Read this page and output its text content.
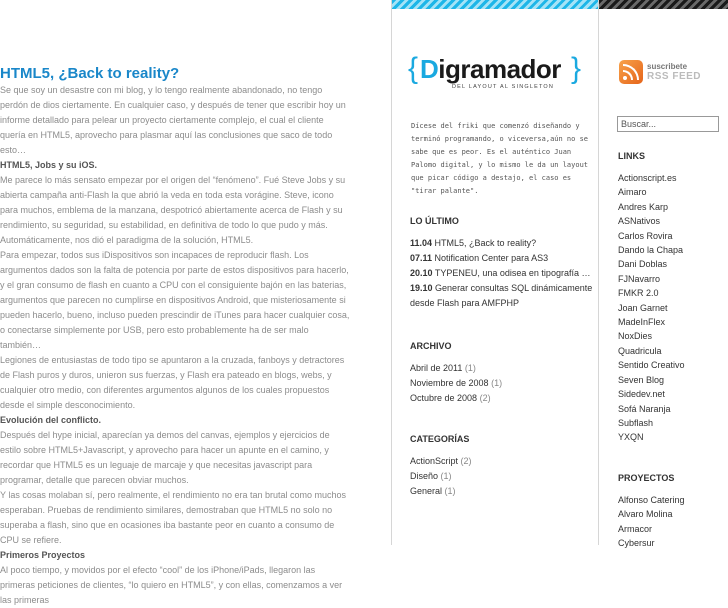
HTML5, ¿Back to reality?

Se que soy un desastre con mi blog, y lo tengo realmente abandonado, no tengo perdón de dios ciertamente. En cualquier caso, y después de tener que escribir hoy un informe detallado para pelear un proyecto ciertamente complejo, el cual el cliente quería en HTML5, aprovecho para plasmar aquí las conclusiones que saco de todo esto…

HTML5, Jobs y su iOS.

Me parece lo más sensato empezar por el origen del “fenómeno”. Fué Steve Jobs y su abierta campaña anti-Flash la que abrió la veda en toda esta vorágine. Steve, icono para muchos, emblema de la manzana, despotricó abiertamente acerca de Flash y su rendimiento, su seguridad, su estabilidad, en definitiva de todo lo que pudo y más. Automáticamente, nos dió el paradigma de la solución, HTML5.

Para empezar, todos sus iDispositivos son incapaces de reproducir flash. Los argumentos dados son la falta de potencia por parte de estos dispositivos para hacerlo, y el gran consumo de flash en cuanto a CPU con el consiguiente bajón en las baterias, argumentos que parecen no cumplirse en dispositivos Android, que misteriosamente si pueden hacerlo, bueno, incluso pueden prescindir de iTunes para hacer cualquier cosa, o conectarse simplemente por USB, pero esto probablemente ha de ser malo también…

Legiones de entusiastas de todo tipo se apuntaron a la cruzada, fanboys y detractores de Flash puros y duros, unieron sus fuerzas, y Flash era pateado en blogs, webs, y cualquier otro medio, con diferentes argumentos algunos de los cuales propuestos desde el simple desconocimiento.

Evolución del conflicto.

Después del hype inicial, aparecían ya demos del canvas, ejemplos y ejercicios de estilo sobre HTML5+Javascript, y aprovecho para hacer un apunte en el camino, y recordar que HTML5 es un leguaje de marcaje y que necesitas javascript para programar, detalle que parecen obviar muchos.

Y las cosas molaban sí, pero realmente, el rendimiento no era tan brutal como muchos esperaban. Pruebas de rendimiento similares, demostraban que HTML5 no solo no superaba a flash, sino que en ocasiones iba bastante peor en cuanto a consumo de CPU se refiere.

Primeros Proyectos

Al poco tiempo, y movidos por el efecto “cool” de los iPhone/iPads, llegaron las primeras peticiones de clientes, “lo quiero en HTML5”, y con ellas, comenzamos a ver las primeras

{ Digramador }
DEL LAYOUT AL SINGLETON
Dícese del friki que comenzó diseñando y terminó programando, o viceversa,aún no se sabe que es peor. Es el auténtico Juan Palomo digital, y lo mismo le da un layout que picar código a destajo, el caso es "tirar palante".
LO ÚLTIMO
11.04 HTML5, ¿Back to reality?
07.11 Notification Center para AS3
20.10 TYPENEU, una odisea en tipografía …
19.10 Generar consultas SQL dinámicamente desde Flash para AMFPHP
ARCHIVO
Abril de 2011 (1)
Noviembre de 2008 (1)
Octubre de 2008 (2)
CATEGORÍAS
ActionScript (2)
Diseño (1)
General (1)
suscribete
RSS FEED
Buscar...
LINKS
Actionscript.es
Aimaro
Andres Karp
ASNativos
Carlos Rovira
Dando la Chapa
Dani Doblas
FJNavarro
FMKR 2.0
Joan Garnet
MadeInFlex
NoxDies
Quadricula
Sentido Creativo
Seven Blog
Sidedev.net
Sofá Naranja
Subflash
YXQN
PROYECTOS
Alfonso Catering
Alvaro Molina
Armacor
Cybersur
